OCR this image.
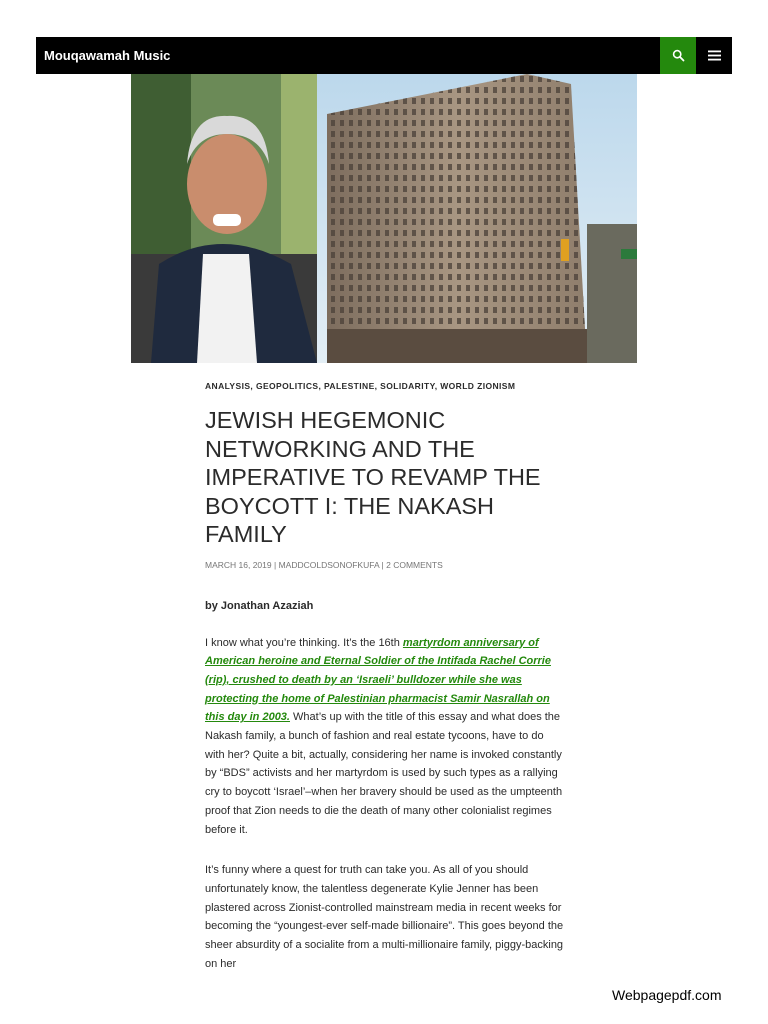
Mouqawamah Music
ANALYSIS, GEOPOLITICS, PALESTINE, SOLIDARITY, WORLD ZIONISM
JEWISH HEGEMONIC NETWORKING AND THE IMPERATIVE TO REVAMP THE BOYCOTT I: THE NAKASH FAMILY
MARCH 16, 2019 | MADDCOLDSONOFKUFA | 2 COMMENTS
by Jonathan Azaziah

I know what you’re thinking. It’s the 16th martyrdom anniversary of American heroine and Eternal Soldier of the Intifada Rachel Corrie (rip), crushed to death by an ‘Israeli’ bulldozer while she was protecting the home of Palestinian pharmacist Samir Nasrallah on this day in 2003. What’s up with the title of this essay and what does the Nakash family, a bunch of fashion and real estate tycoons, have to do with her? Quite a bit, actually, considering her name is invoked constantly by “BDS” activists and her martyrdom is used by such types as a rallying cry to boycott ‘Israel’–when her bravery should be used as the umpteenth proof that Zion needs to die the death of many other colonialist regimes before it.

It’s funny where a quest for truth can take you. As all of you should unfortunately know, the talentless degenerate Kylie Jenner has been plastered across Zionist-controlled mainstream media in recent weeks for becoming the “youngest-ever self-made billionaire”. This goes beyond the sheer absurdity of a socialite from a multi-millionaire family, piggy-backing on her

Webpagepdf.com
